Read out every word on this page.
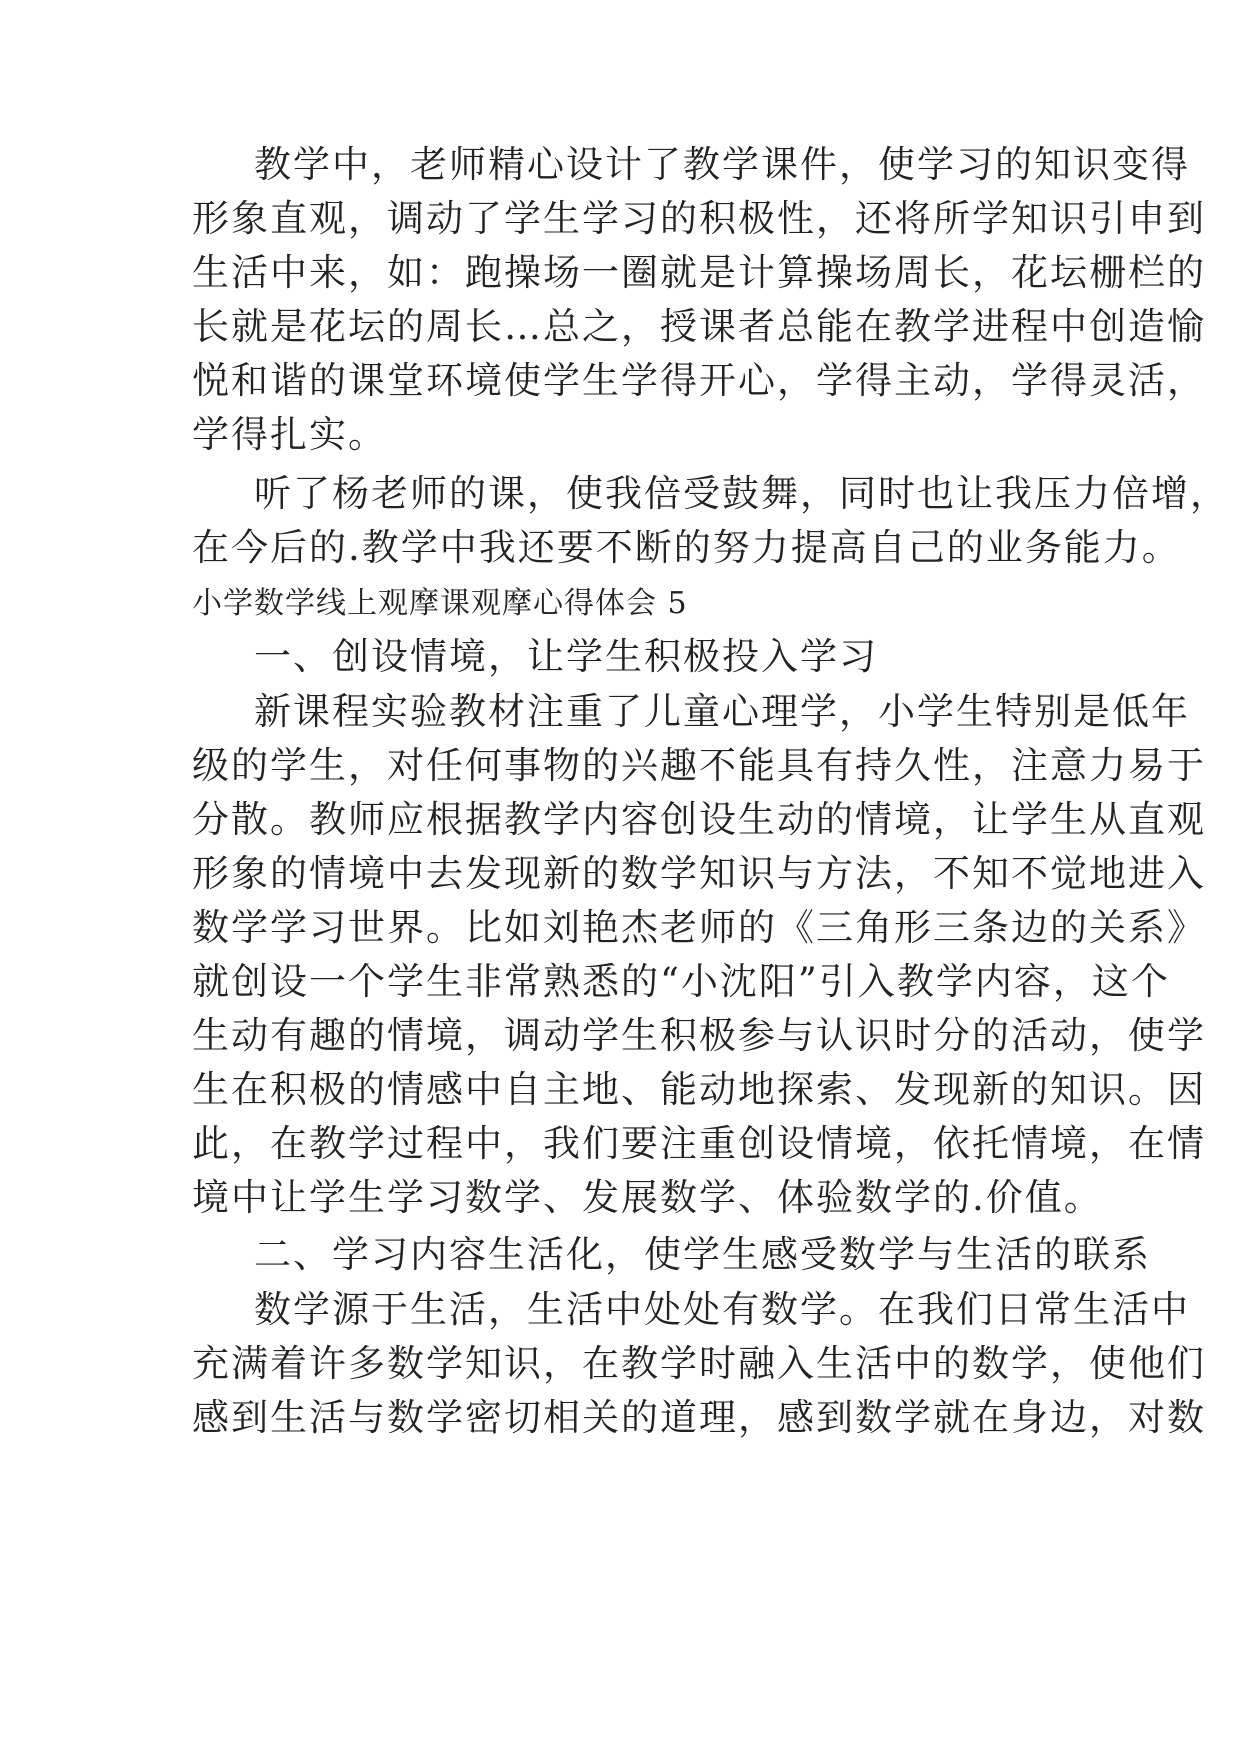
教学中，老师精心设计了教学课件，使学习的知识变得
形象直观，调动了学生学习的积极性，还将所学知识引申到
生活中来，如：跑操场一圈就是计算操场周长，花坛栅栏的
长就是花坛的周长…总之，授课者总能在教学进程中创造愉
悦和谐的课堂环境使学生学得开心，学得主动，学得灵活，
学得扎实。
听了杨老师的课，使我倍受鼓舞，同时也让我压力倍增，
在今后的.教学中我还要不断的努力提高自己的业务能力。
小学数学线上观摩课观摩心得体会 5
一、创设情境，让学生积极投入学习
新课程实验教材注重了儿童心理学，小学生特别是低年
级的学生，对任何事物的兴趣不能具有持久性，注意力易于
分散。教师应根据教学内容创设生动的情境，让学生从直观
形象的情境中去发现新的数学知识与方法，不知不觉地进入
数学学习世界。比如刘艳杰老师的《三角形三条边的关系》
就创设一个学生非常熟悉的“小沈阳”引入教学内容，这个
生动有趣的情境，调动学生积极参与认识时分的活动，使学
生在积极的情感中自主地、能动地探索、发现新的知识。因
此，在教学过程中，我们要注重创设情境，依托情境，在情
境中让学生学习数学、发展数学、体验数学的.价值。
二、学习内容生活化，使学生感受数学与生活的联系
数学源于生活，生活中处处有数学。在我们日常生活中
充满着许多数学知识，在教学时融入生活中的数学，使他们
感到生活与数学密切相关的道理，感到数学就在身边，对数
